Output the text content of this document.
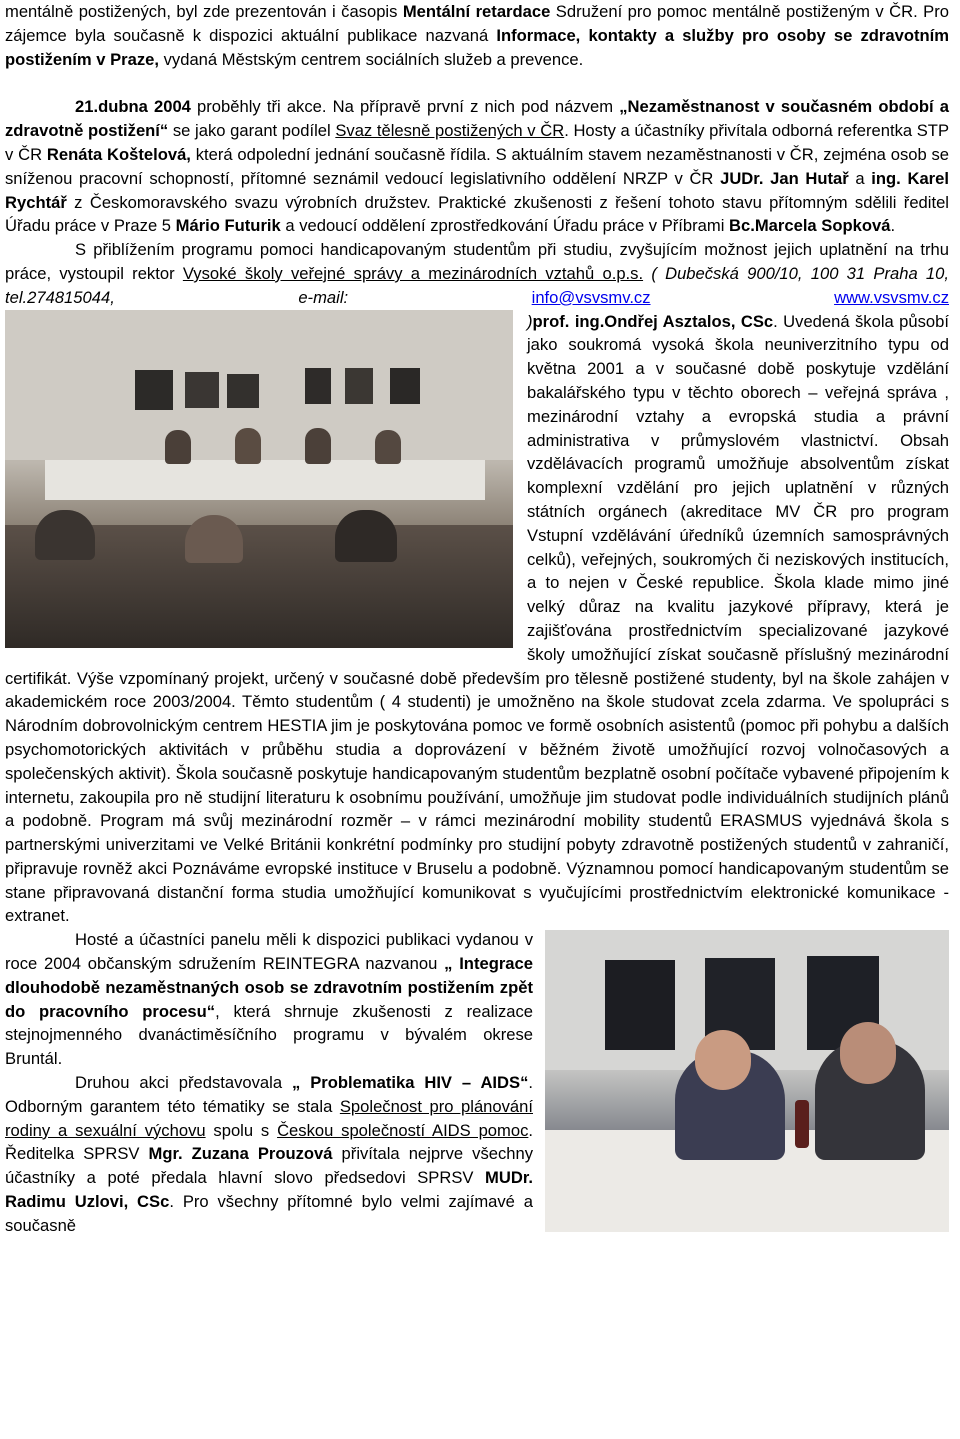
mentálně postižených, byl zde prezentován i časopis Mentální retardace Sdružení pro pomoc mentálně postiženým v ČR. Pro zájemce byla současně k dispozici aktuální publikace nazvaná Informace, kontakty a služby pro osoby se zdravotním postižením v Praze, vydaná Městským centrem sociálních služeb a prevence.

21.dubna 2004 proběhly tři akce. Na přípravě první z nich pod názvem „Nezaměstnanost v současném období a zdravotně postižení“ se jako garant podílel Svaz tělesně postižených v ČR. Hosty a účastníky přivítala odborná referentka STP v ČR Renáta Koštelová, která odpolední jednání současně řídila. S aktuálním stavem nezaměstnanosti v ČR, zejména osob se sníženou pracovní schopností, přítomné seznámil vedoucí legislativního oddělení NRZP v ČR JUDr. Jan Hutař a ing. Karel Rychtář z Českomoravského svazu výrobních družstev. Praktické zkušenosti z řešení tohoto stavu přítomným sdělili ředitel Úřadu práce v Praze 5 Mário Futurik a vedoucí oddělení zprostředkování Úřadu práce v Příbrami Bc.Marcela Sopková.

S přiblížením programu pomoci handicapovaným studentům při studiu, zvyšujícím možnost jejich uplatnění na trhu práce, vystoupil rektor Vysoké školy veřejné správy a mezinárodních vztahů o.p.s. ( Dubečská 900/10, 100 31 Praha 10, tel.274815044, e-mail: info@vsvsmv.cz	www.vsvsmv.cz )
prof. ing.Ondřej Asztalos, CSc. Uvedená škola působí jako soukromá vysoká škola neuniverzitního typu od května 2001 a v současné době poskytuje vzdělání bakalářského typu v těchto oborech – veřejná správa , mezinárodní vztahy a evropská studia a právní administrativa v průmyslovém vlastnictví. Obsah vzdělávacích programů umožňuje absolventům získat komplexní vzdělání pro jejich uplatnění v různých státních orgánech (akreditace MV ČR pro program Vstupní vzdělávání úředníků územních samosprávných celků), veřejných, soukromých či neziskových institucích, a to nejen v České republice. Škola klade mimo jiné velký důraz na kvalitu jazykové přípravy, která je zajišťována prostřednictvím specializované jazykové školy umožňující získat současně příslušný mezinárodní certifikát. Výše vzpomínaný projekt, určený v současné době především pro tělesně postižené studenty, byl na škole zahájen v akademickém roce 2003/2004. Těmto studentům ( 4 studenti) je umožněno na škole studovat zcela zdarma. Ve spolupráci s Národním dobrovolnickým centrem HESTIA jim je poskytována pomoc ve formě osobních asistentů (pomoc při pohybu a dalších psychomotorických aktivitách v průběhu studia a doprovázení v běžném životě umožňující rozvoj volnočasových a společenských aktivit). Škola současně poskytuje handicapovaným studentům bezplatně osobní počítače vybavené připojením k internetu, zakoupila pro ně studijní literaturu k osobnímu používání, umožňuje jim studovat podle individuálních studijních plánů a podobně. Program má svůj mezinárodní rozměr – v rámci mezinárodní mobility studentů ERASMUS vyjednává škola s partnerskými univerzitami ve Velké Británii konkrétní podmínky pro studijní pobyty zdravotně postižených studentů v zahraničí, připravuje rovněž akci Poznáváme evropské instituce v Bruselu a podobně. Významnou pomocí handicapovaným studentům se stane připravovaná distanční forma studia umožňující komunikovat s vyučujícími prostřednictvím elektronické komunikace - extranet.

Hosté a účastníci panelu měli k dispozici publikaci vydanou v roce 2004 občanským sdružením REINTEGRA nazvanou „ Integrace dlouhodobě nezaměstnaných osob se zdravotním postižením zpět do pracovního procesu“, která shrnuje zkušenosti z realizace stejnojmenného dvanáctiměsíčního programu v bývalém okrese Bruntál.

Druhou akci představovala „ Problematika HIV – AIDS“. Odborným garantem této tématiky se stala Společnost pro plánování rodiny a sexuální výchovu spolu s Českou společností AIDS pomoc. Ředitelka SPRSV Mgr. Zuzana Prouzová přivítala nejprve všechny účastníky a poté předala hlavní slovo předsedovi SPRSV MUDr. Radimu Uzlovi, CSc. Pro všechny přítomné bylo velmi zajímavé a současně
